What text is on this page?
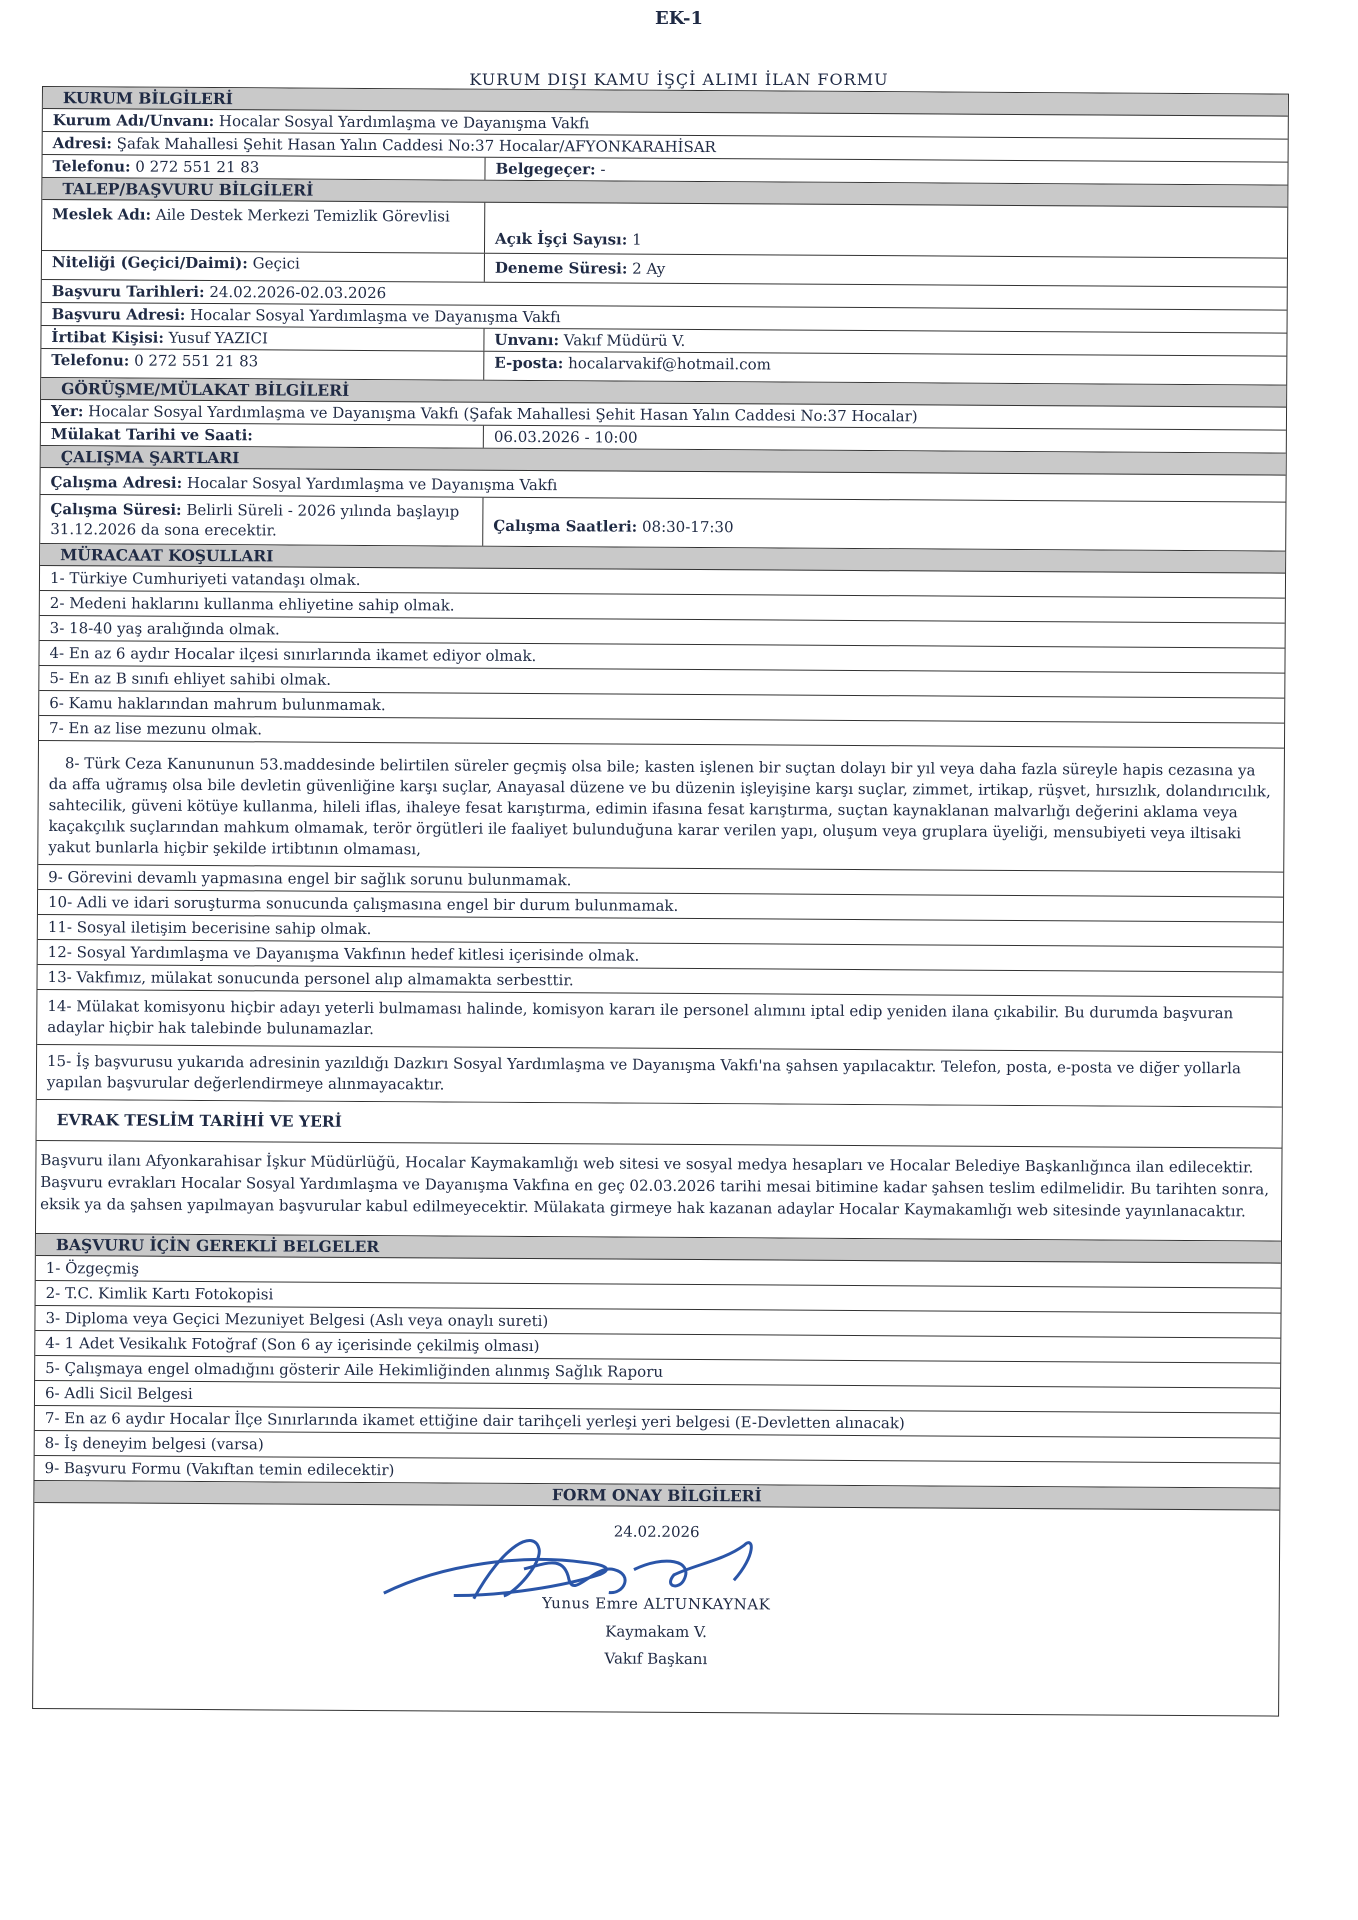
EK-1
KURUM DIŞI KAMU İŞÇİ ALIMI İLAN FORMU
KURUM BİLGİLERİ
Kurum Adı/Unvanı: Hocalar Sosyal Yardımlaşma ve Dayanışma Vakfı
Adresi: Şafak Mahallesi Şehit Hasan Yalın Caddesi No:37 Hocalar/AFYONKARAHİSAR
Telefonu: 0 272 551 21 83	Belgegeçer: -
TALEP/BAŞVURU BİLGİLERİ
Meslek Adı: Aile Destek Merkezi Temizlik Görevlisi
Açık İşçi Sayısı:
1
Niteliği (Geçici/Daimi): Geçici	Deneme Süresi:
2 Ay
Başvuru Tarihleri: 24.02.2026-02.03.2026
Başvuru Adresi: Hocalar Sosyal Yardımlaşma ve Dayanışma Vakfı
İrtibat Kişisi: Yusuf YAZICI	Unvanı: Vakıf Müdürü V.
Telefonu: 0 272 551 21 83	E-posta: hocalarvakif@hotmail.com
GÖRÜŞME/MÜLAKAT BİLGİLERİ
Yer: Hocalar Sosyal Yardımlaşma ve Dayanışma Vakfı (Şafak Mahallesi Şehit Hasan Yalın Caddesi No:37 Hocalar)
Mülakat Tarihi ve Saati:	06.03.2026 - 10:00
ÇALIŞMA ŞARTLARI
Çalışma Adresi: Hocalar Sosyal Yardımlaşma ve Dayanışma Vakfı
Çalışma Süresi: Belirli Süreli - 2026 yılında başlayıp 31.12.2026 da sona erecektir.	Çalışma Saatleri:
08:30-17:30
MÜRACAAT KOŞULLARI
1- Türkiye Cumhuriyeti vatandaşı olmak.
2- Medeni haklarını kullanma ehliyetine sahip olmak.
3- 18-40 yaş aralığında olmak.
4- En az 6 aydır Hocalar ilçesi sınırlarında ikamet ediyor olmak.
5- En az B sınıfı ehliyet sahibi olmak.
6- Kamu haklarından mahrum bulunmamak.
7- En az lise mezunu olmak.
8- Türk Ceza Kanununun 53.maddesinde belirtilen süreler geçmiş olsa bile; kasten işlenen bir suçtan dolayı bir yıl veya daha fazla süreyle hapis cezasına ya da affa uğramış olsa bile devletin güvenliğine karşı suçlar, Anayasal düzene ve bu düzenin işleyişine karşı suçlar, zimmet, irtikap, rüşvet, hırsızlık, dolandırıcılık, sahtecilik, güveni kötüye kullanma, hileli iflas, ihaleye fesat karıştırma, edimin ifasına fesat karıştırma, suçtan kaynaklanan malvarlığı değerini aklama veya kaçakçılık suçlarından mahkum olmamak, terör örgütleri ile faaliyet bulunduğuna karar verilen yapı, oluşum veya gruplara üyeliği, mensubiyeti veya iltisaki yakut bunlarla hiçbir şekilde irtibtının olmaması,
9- Görevini devamlı yapmasına engel bir sağlık sorunu bulunmamak.
10- Adli ve idari soruşturma sonucunda çalışmasına engel bir durum bulunmamak.
11- Sosyal iletişim becerisine sahip olmak.
12- Sosyal Yardımlaşma ve Dayanışma Vakfının hedef kitlesi içerisinde olmak.
13- Vakfımız, mülakat sonucunda personel alıp almamakta serbesttir.
14- Mülakat komisyonu hiçbir adayı yeterli bulmaması halinde, komisyon kararı ile personel alımını iptal edip yeniden ilana çıkabilir. Bu durumda başvuran adaylar hiçbir hak talebinde bulunamazlar.
15- İş başvurusu yukarıda adresinin yazıldığı Dazkırı Sosyal Yardımlaşma ve Dayanışma Vakfı'na şahsen yapılacaktır. Telefon, posta, e-posta ve diğer yollarla yapılan başvurular değerlendirmeye alınmayacaktır.
EVRAK TESLİM TARİHİ VE YERİ
Başvuru ilanı Afyonkarahisar İşkur Müdürlüğü, Hocalar Kaymakamlığı web sitesi ve sosyal medya hesapları ve Hocalar Belediye Başkanlığınca ilan edilecektir. Başvuru evrakları Hocalar Sosyal Yardımlaşma ve Dayanışma Vakfına en geç 02.03.2026 tarihi mesai bitimine kadar şahsen teslim edilmelidir. Bu tarihten sonra, eksik ya da şahsen yapılmayan başvurular kabul edilmeyecektir. Mülakata girmeye hak kazanan adaylar Hocalar Kaymakamlığı web sitesinde yayınlanacaktır.
BAŞVURU İÇİN GEREKLİ BELGELER
1- Özgeçmiş
2- T.C. Kimlik Kartı Fotokopisi
3- Diploma veya Geçici Mezuniyet Belgesi (Aslı veya onaylı sureti)
4- 1 Adet Vesikalık Fotoğraf (Son 6 ay içerisinde çekilmiş olması)
5- Çalışmaya engel olmadığını gösterir Aile Hekimliğinden alınmış Sağlık Raporu
6- Adli Sicil Belgesi
7- En az 6 aydır Hocalar İlçe Sınırlarında ikamet ettiğine dair tarihçeli yerleşi yeri belgesi (E-Devletten alınacak)
8- İş deneyim belgesi (varsa)
9- Başvuru Formu (Vakıftan temin edilecektir)
FORM ONAY BİLGİLERİ
24.02.2026
Yunus Emre ALTUNKAYNAK
Kaymakam V.
Vakıf Başkanı
